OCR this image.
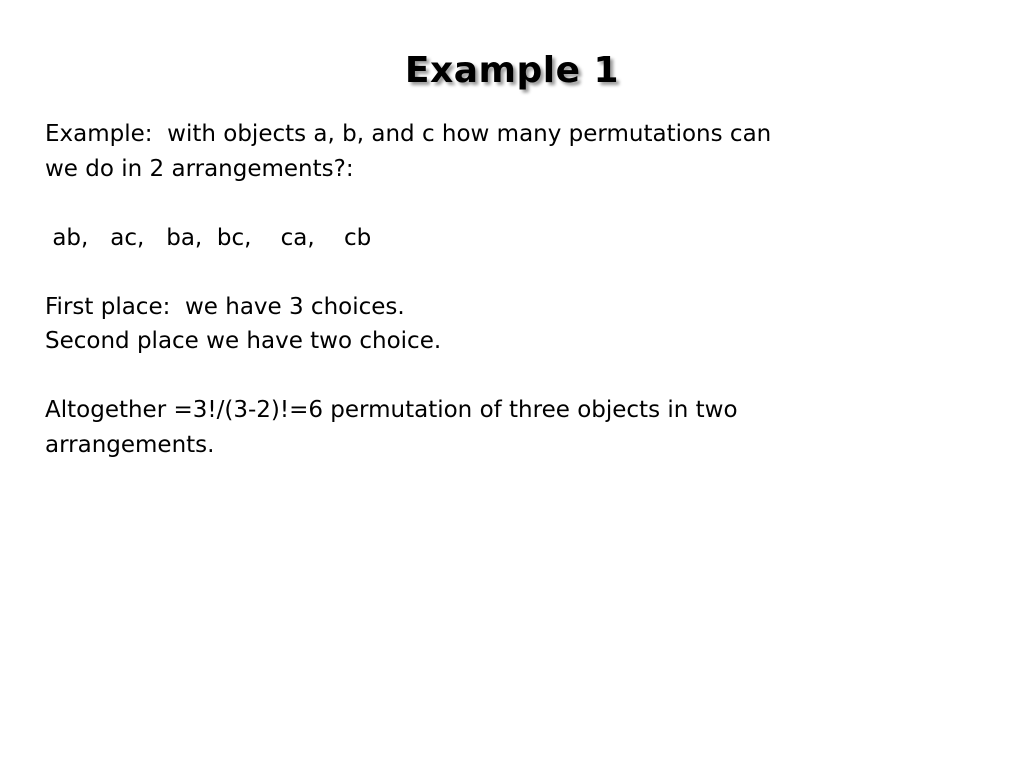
Example 1

Example:  with objects a, b, and c how many permutations can

we do in 2 arrangements?:

ab,   ac,   ba,  bc,    ca,    cb

First place:  we have 3 choices.

Second place we have two choice.

Altogether =3!/(3-2)!=6 permutation of three objects in two

arrangements.
